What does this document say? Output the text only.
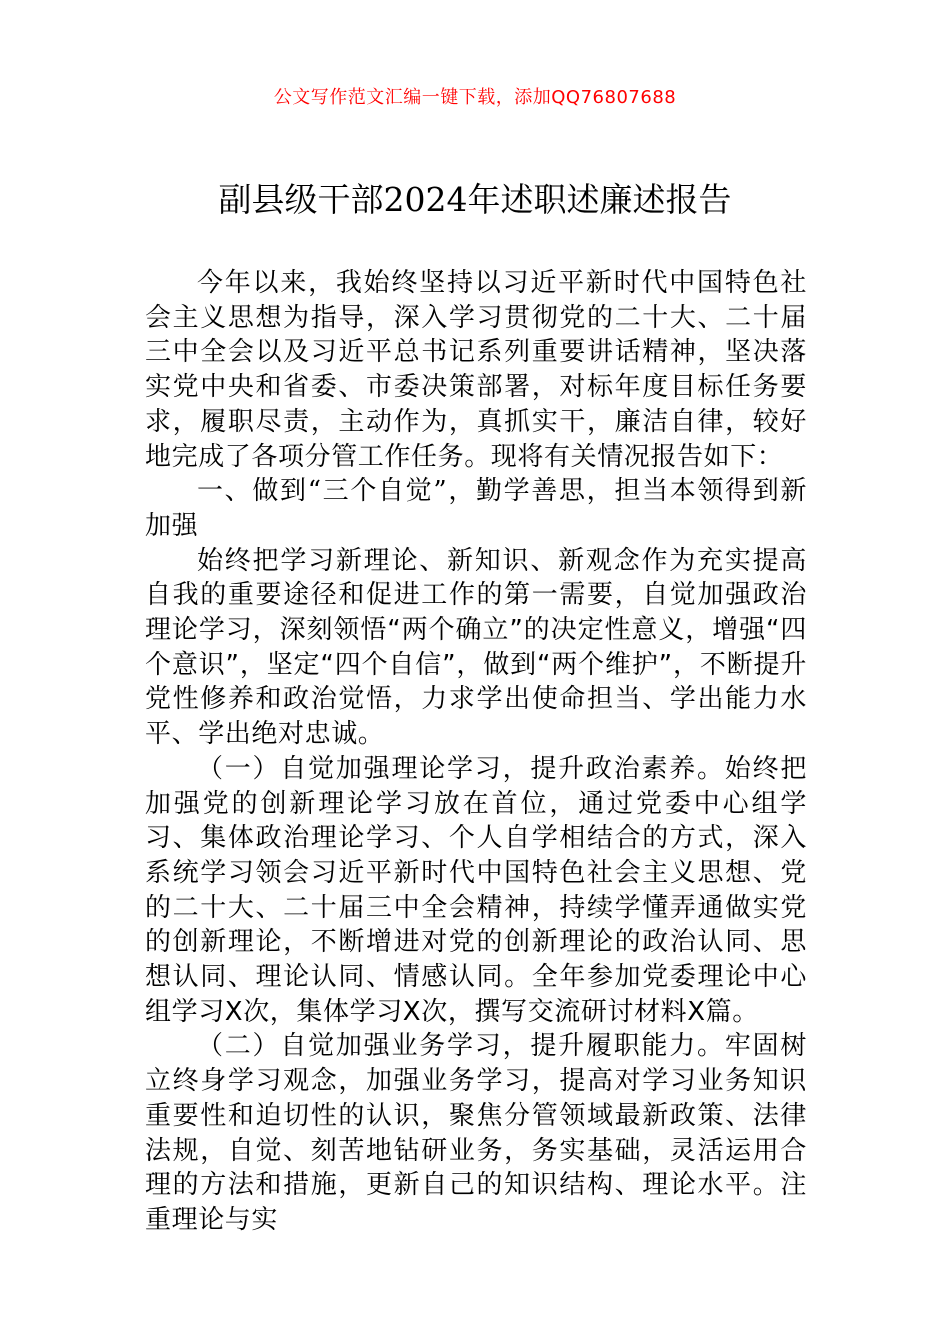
公文写作范文汇编一键下载，添加QQ76807688
副县级干部2024年述职述廉述报告

今年以来，我始终坚持以习近平新时代中国特色社会主义思想为指导，深入学习贯彻党的二十大、二十届三中全会以及习近平总书记系列重要讲话精神，坚决落实党中央和省委、市委决策部署，对标年度目标任务要求，履职尽责，主动作为，真抓实干，廉洁自律，较好地完成了各项分管工作任务。现将有关情况报告如下：

一、做到“三个自觉”，勤学善思，担当本领得到新加强

始终把学习新理论、新知识、新观念作为充实提高自我的重要途径和促进工作的第一需要，自觉加强政治理论学习，深刻领悟“两个确立”的决定性意义，增强“四个意识”，坚定“四个自信”，做到“两个维护”，不断提升党性修养和政治觉悟，力求学出使命担当、学出能力水平、学出绝对忠诚。

（一）自觉加强理论学习，提升政治素养。始终把加强党的创新理论学习放在首位，通过党委中心组学习、集体政治理论学习、个人自学相结合的方式，深入系统学习领会习近平新时代中国特色社会主义思想、党的二十大、二十届三中全会精神，持续学懂弄通做实党的创新理论，不断增进对党的创新理论的政治认同、思想认同、理论认同、情感认同。全年参加党委理论中心组学习X次，集体学习X次，撰写交流研讨材料X篇。

（二）自觉加强业务学习，提升履职能力。牢固树立终身学习观念，加强业务学习，提高对学习业务知识重要性和迫切性的认识，聚焦分管领域最新政策、法律法规，自觉、刻苦地钻研业务，务实基础，灵活运用合理的方法和措施，更新自己的知识结构、理论水平。注重理论与实
